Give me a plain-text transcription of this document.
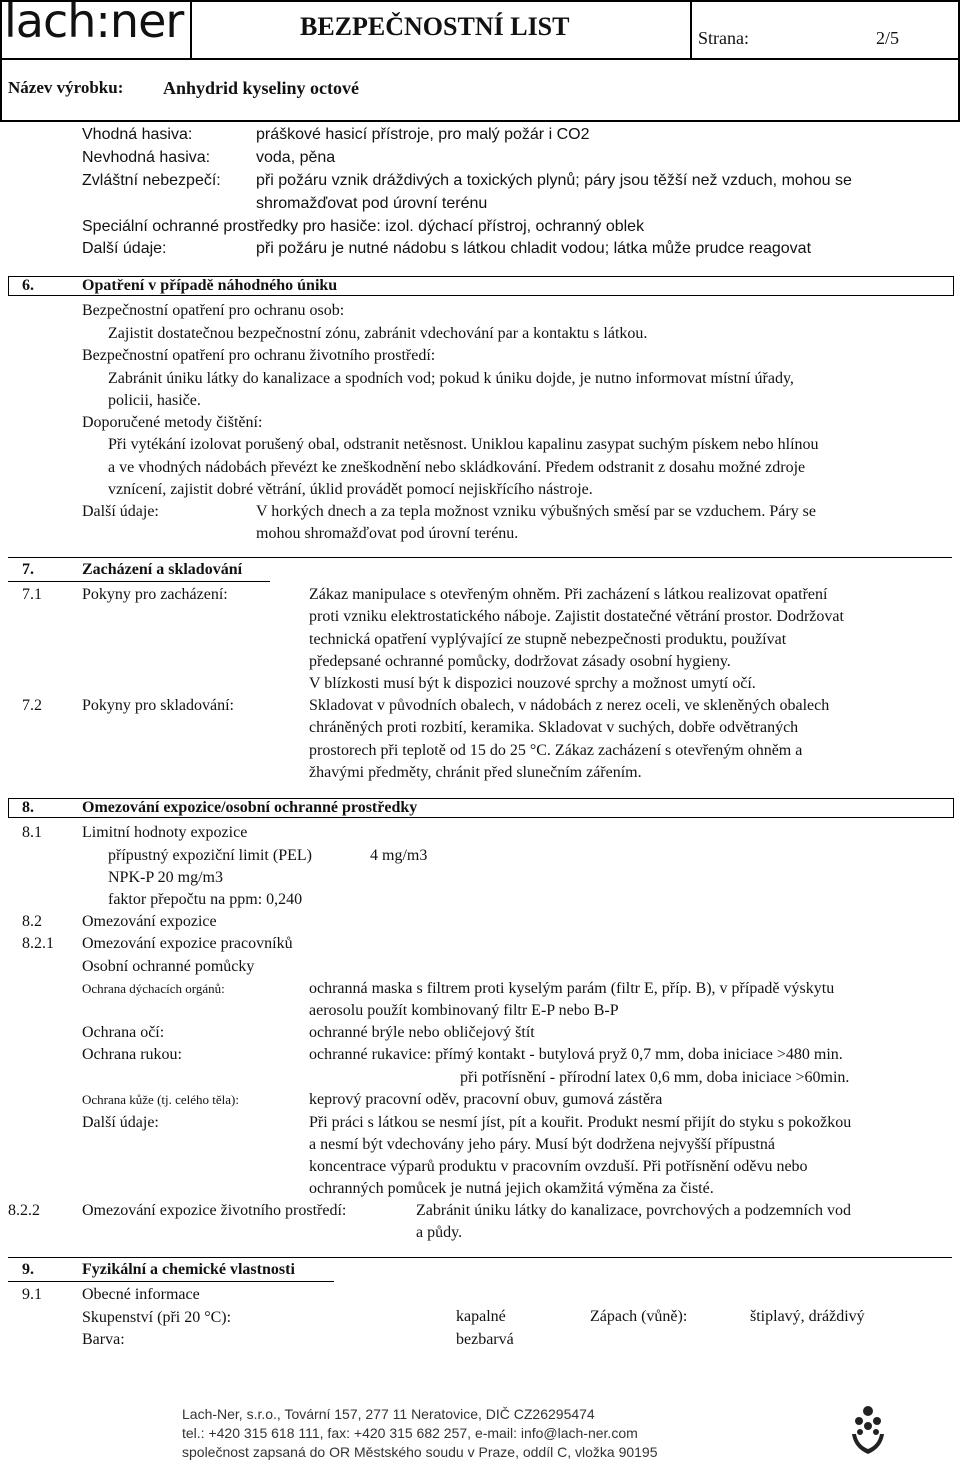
lach:ner	BEZPEČNOSTNÍ LIST	Strana:	2/5
Název výrobku: Anhydrid kyseliny octové
Vhodná hasiva:	práškové hasicí přístroje, pro malý požár i CO2
Nevhodná hasiva:	voda, pěna
Zvláštní nebezpečí: při požáru vznik dráždivých a toxických plynů; páry jsou těžší než vzduch, mohou se
shromažďovat pod úrovní terénu
Speciální ochranné prostředky pro hasiče: izol. dýchací přístroj, ochranný oblek
Další údaje:	při požáru je nutné nádobu s látkou chladit vodou; látka může prudce reagovat
6.	Opatření v případě náhodného úniku
Bezpečnostní opatření pro ochranu osob:
Zajistit dostatečnou bezpečnostní zónu, zabránit vdechování par a kontaktu s látkou.
Bezpečnostní opatření pro ochranu životního prostředí:
Zabránit úniku látky do kanalizace a spodních vod; pokud k úniku dojde, je nutno informovat místní úřady,
policii, hasiče.
Doporučené metody čištění:
Při vytékání izolovat porušený obal, odstranit netěsnost. Uniklou kapalinu zasypat suchým pískem nebo hlínou
a ve vhodných nádobách převézt ke zneškodnění nebo skládkování. Předem odstranit z dosahu možné zdroje
vznícení, zajistit dobré větrání, úklid provádět pomocí nejiskřícího nástroje.
Další údaje:	V horkých dnech a za tepla možnost vzniku výbušných směsí par se vzduchem. Páry se
mohou shromažďovat pod úrovní terénu.
7.	Zacházení a skladování
7.1	Pokyny pro zacházení:	Zákaz manipulace s otevřeným ohněm. Při zacházení s látkou realizovat opatření
proti vzniku elektrostatického náboje. Zajistit dostatečné větrání prostor. Dodržovat
technická opatření vyplývající ze stupně nebezpečnosti produktu, používat
předepsané ochranné pomůcky, dodržovat zásady osobní hygieny.
V blízkosti musí být k dispozici nouzové sprchy a možnost umytí očí.
7.2	Pokyny pro skladování:	Skladovat v původních obalech, v nádobách z nerez oceli, ve skleněných obalech
chráněných proti rozbití, keramika. Skladovat v suchých, dobře odvětraných
prostorech při teplotě od 15 do 25 °C. Zákaz zacházení s otevřeným ohněm a
žhavými předměty, chránit před slunečním zářením.
8.	Omezování expozice/osobní ochranné prostředky
8.1	Limitní hodnoty expozice
přípustný expoziční limit (PEL)	4 mg/m3
NPK-P 20 mg/m3
faktor přepočtu na ppm: 0,240
8.2	Omezování expozice
8.2.1 Omezování expozice pracovníků
Osobní ochranné pomůcky
Ochrana dýchacích orgánů:	ochranná maska s filtrem proti kyselým parám (filtr E, příp. B), v případě výskytu
aerosolu použít kombinovaný filtr E-P nebo B-P
Ochrana očí:	ochranné brýle nebo obličejový štít
Ochrana rukou:	ochranné rukavice: přímý kontakt - butylová pryž 0,7 mm, doba iniciace >480 min.
při potřísnění - přírodní latex 0,6 mm, doba iniciace >60min.
Ochrana kůže (tj. celého těla):	keprový pracovní oděv, pracovní obuv, gumová zástěra
Další údaje:	Při práci s látkou se nesmí jíst, pít a kouřit. Produkt nesmí přijít do styku s pokožkou
a nesmí být vdechovány jeho páry. Musí být dodržena nejvyšší přípustná
koncentrace výparů produktu v pracovním ovzduší. Při potřísnění oděvu nebo
ochranných pomůcek je nutná jejich okamžitá výměna za čisté.
8.2.2	Omezování expozice životního prostředí:	Zabránit úniku látky do kanalizace, povrchových a podzemních vod
a půdy.
9.	Fyzikální a chemické vlastnosti
9.1	Obecné informace
Skupenství (při 20 °C):	kapalné	Zápach (vůně):	štiplavý, dráždivý
Barva:	bezbarvá
Lach-Ner, s.r.o., Tovární 157, 277 11 Neratovice, DIČ CZ26295474
tel.: +420 315 618 111, fax: +420 315 682 257, e-mail: info@lach-ner.com
společnost zapsaná do OR Městského soudu v Praze, oddíl C, vložka 90195
